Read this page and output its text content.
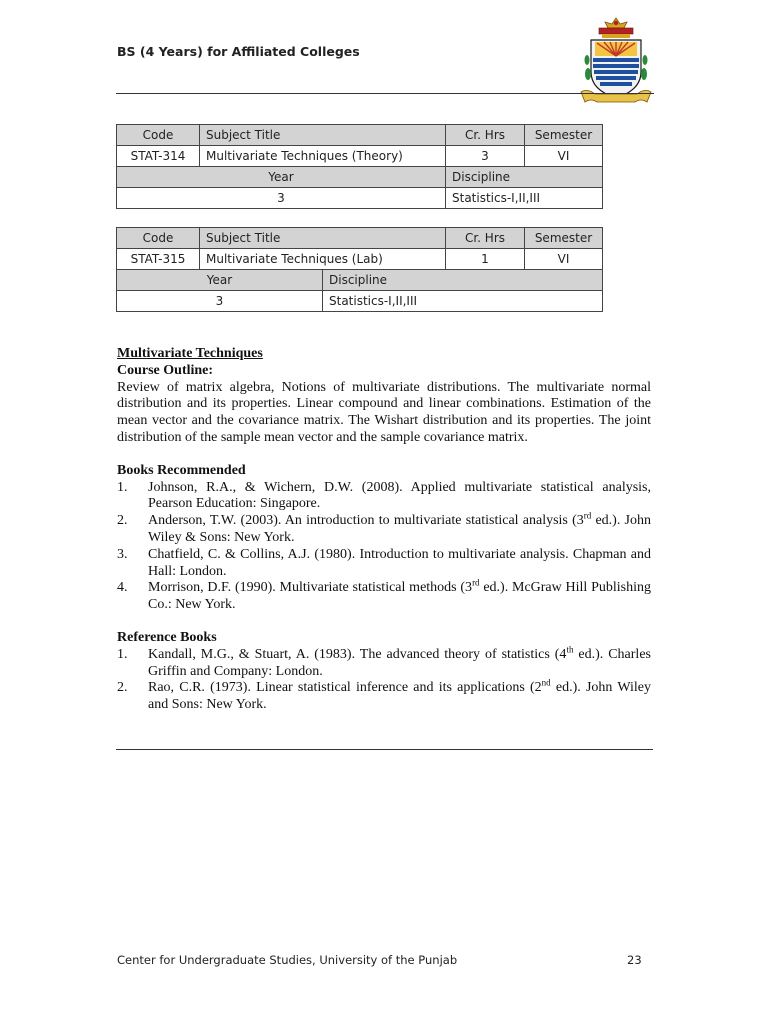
BS (4 Years) for Affiliated Colleges
Code	Subject Title	Cr. Hrs	Semester
STAT-314	Multivariate Techniques (Theory)	3	VI
Year		Discipline	
3		Statistics-I,II,III	
Code	Subject Title		Cr. Hrs	Semester
STAT-315	Multivariate Techniques (Lab)		1	VI
Year		Discipline		
3		Statistics-I,II,III		
Multivariate Techniques
Course Outline:

Review of matrix algebra, Notions of multivariate distributions. The multivariate normal distribution and its properties. Linear compound and linear combinations. Estimation of the mean vector and the covariance matrix. The Wishart distribution and its properties. The joint distribution of the sample mean vector and the sample covariance matrix.

Books Recommended
1. Johnson, R.A., & Wichern, D.W. (2008). Applied multivariate statistical analysis, Pearson Education: Singapore.
2. Anderson, T.W. (2003). An introduction to multivariate statistical analysis (3rd ed.). John Wiley & Sons: New York.
3. Chatfield, C. & Collins, A.J. (1980). Introduction to multivariate analysis. Chapman and Hall: London.
4. Morrison, D.F. (1990). Multivariate statistical methods (3rd ed.). McGraw Hill Publishing Co.: New York.
Reference Books
1. Kandall, M.G., & Stuart, A. (1983). The advanced theory of statistics (4th ed.). Charles Griffin and Company: London.
2. Rao, C.R. (1973). Linear statistical inference and its applications (2nd ed.). John Wiley and Sons: New York.
Center for Undergraduate Studies, University of the Punjab	23
